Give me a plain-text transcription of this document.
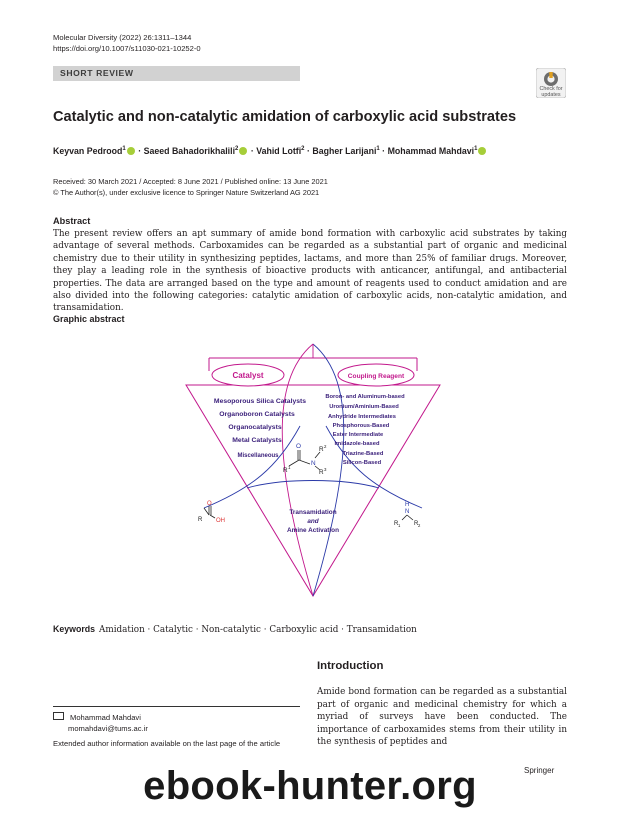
Molecular Diversity (2022) 26:1311–1344
https://doi.org/10.1007/s11030-021-10252-0
SHORT REVIEW
Check for
updates
Catalytic and non-catalytic amidation of carboxylic acid substrates
Keyvan Pedrood$^1$ · Saeed Bahadorikhalili$^2$ · Vahid Lotfi$^2$ · Bagher Larijani$^1$ · Mohammad Mahdavi$^1$
Received: 30 March 2021 / Accepted: 8 June 2021 / Published online: 13 June 2021
© The Author(s), under exclusive licence to Springer Nature Switzerland AG 2021
Abstract
The present review offers an apt summary of amide bond formation with carboxylic acid substrates by taking advantage of several methods. Carboxamides can be regarded as a substantial part of organic and medicinal chemistry due to their utility in synthesizing peptides, lactams, and more than 25% of familiar drugs. Moreover, they play a leading role in the synthesis of bioactive products with anticancer, antifungal, and antibacterial properties. The data are arranged based on the type and amount of reagents used to conduct amidation and are also divided into the following categories: catalytic amidation of carboxylic acids, non-catalytic amidation, and transamidation.
Graphic abstract
Catalyst	Coupling Reagent
Mesoporous Silica Catalysts
Organoboron Catalysts
Organocatalysts
Metal Catalysts
Miscellaneous
Boron- and Aluminum-based
Uronium/Aminium-Based
Anhydride Intermediates
Phosphorous-Based
Ester Intermediate
Imidazole-based
Triazine-Based
Silicon-Based
O
N
R 1
R 2
R 3
Transamidation
and
Amine Activation
O
R OH
H
N
R 1 R 2
Keywords Amidation · Catalytic · Non-catalytic · Carboxylic acid · Transamidation
Introduction
Amide bond formation can be regarded as a substantial part of organic and medicinal chemistry for which a myriad of surveys have been conducted. The importance of carboxamides stems from their utility in the synthesis of peptides and
Mohammad Mahdavi
momahdavi@tums.ac.ir
Extended author information available on the last page of the article
Springer
ebook-hunter.org
